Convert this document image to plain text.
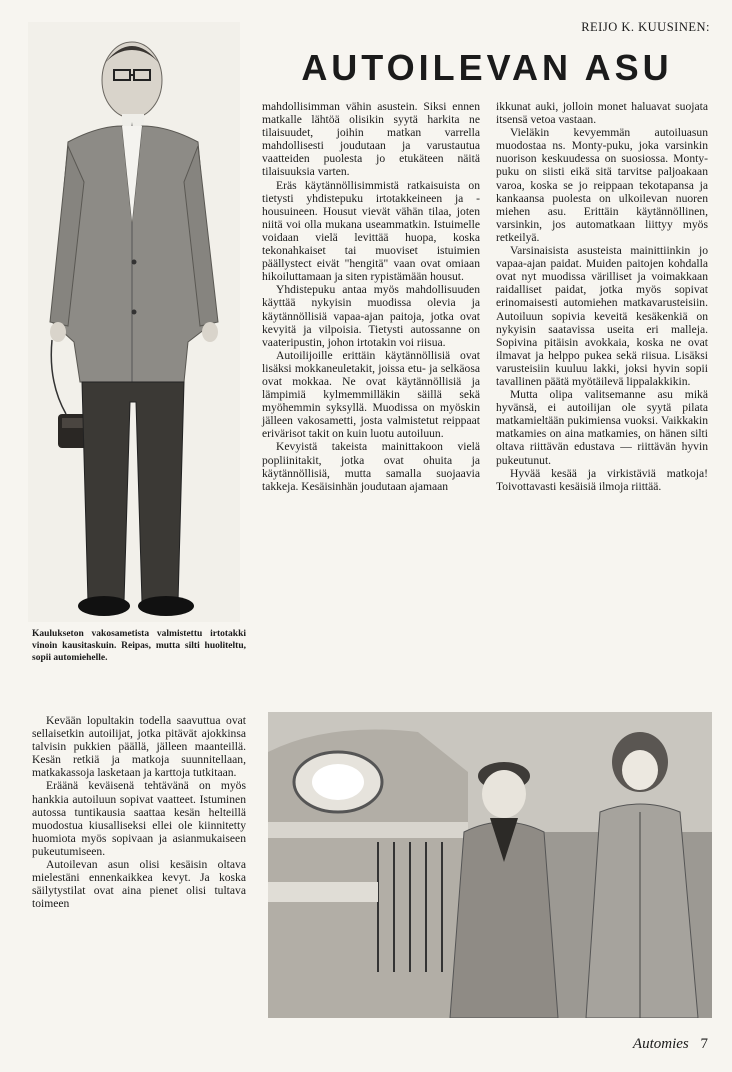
REIJO K. KUUSINEN:
AUTOILEVAN ASU
Kaulukseton vakosametista valmistettu irtotakki vinoin kausitaskuin. Reipas, mutta silti huoliteltu, sopii automiehelle.

mahdollisimman vähin asustein. Siksi ennen matkalle lähtöä olisikin syytä harkita ne tilaisuudet, joihin matkan varrella mahdollisesti joudutaan ja varustautua vaatteiden puolesta jo etukäteen näitä tilaisuuksia varten.

Eräs käytännöllisimmistä ratkaisuista on tietysti yhdistepuku irtotakkeineen ja -housuineen. Housut vievät vähän tilaa, joten niitä voi olla mukana useammatkin. Istuimelle voidaan vielä levittää huopa, koska tekonahkaiset tai muoviset istuimien päällystect eivät "hengitä" vaan ovat omiaan hikoiluttamaan ja siten rypistämään housut.

Yhdistepuku antaa myös mahdollisuuden käyttää nykyisin muodissa olevia ja käytännöllisiä vapaa-ajan paitoja, jotka ovat kevyitä ja vilpoisia. Tietysti autossanne on vaateripustin, johon irtotakin voi riisua.

Autoilijoille erittäin käytännöllisiä ovat lisäksi mokkaneuletakit, joissa etu- ja selkäosa ovat mokkaa. Ne ovat käytännöllisiä ja lämpimiä kylmemmilläkin säillä sekä myöhemmin syksyllä. Muodissa on myöskin jälleen vakosametti, josta valmistetut reippaat erivärisot takit on kuin luotu autoiluun.

Kevyistä takeista mainittakoon vielä popliinitakit, jotka ovat ohuita ja käytännöllisiä, mutta samalla suojaavia takkeja. Kesäisinhän joudutaan ajamaan

ikkunat auki, jolloin monet haluavat suojata itsensä vetoa vastaan.

Vieläkin kevyemmän autoiluasun muodostaa ns. Monty-puku, joka varsinkin nuorison keskuudessa on suosiossa. Monty-puku on siisti eikä sitä tarvitse paljoakaan varoa, koska se jo reippaan tekotapansa ja kankaansa puolesta on ulkoilevan nuoren miehen asu. Erittäin käytännöllinen, varsinkin, jos automatkaan liittyy myös retkeilyä.

Varsinaisista asusteista mainittiinkin jo vapaa-ajan paidat. Muiden paitojen kohdalla ovat nyt muodissa värilliset ja voimakkaan raidalliset paidat, jotka myös sopivat erinomaisesti automiehen matkavarusteisiin. Autoiluun sopivia keveitä kesäkenkiä on nykyisin saatavissa useita eri malleja. Sopivina pitäisin avokkaia, koska ne ovat ilmavat ja helppo pukea sekä riisua. Lisäksi varusteisiin kuuluu lakki, joksi hyvin sopii tavallinen päätä myötäilevä lippalakkikin.

Mutta olipa valitsemanne asu mikä hyvänsä, ei autoilijan ole syytä pilata matkamieltään pukimiensa vuoksi. Vaikkakin matkamies on aina matkamies, on hänen silti oltava riittävän edustava — riittävän hyvin pukeutunut.

Hyvää kesää ja virkistäviä matkoja! Toivottavasti kesäisiä ilmoja riittää.

Kevään lopultakin todella saavuttua ovat sellaisetkin autoilijat, jotka pitävät ajokkinsa talvisin pukkien päällä, jälleen maanteillä. Kesän retkiä ja matkoja suunnitellaan, matkakassoja lasketaan ja karttoja tutkitaan.

Eräänä keväisenä tehtävänä on myös hankkia autoiluun sopivat vaatteet. Istuminen autossa tuntikausia saattaa kesän helteillä muodostua kiusalliseksi ellei ole kiinnitetty huomiota myös sopivaan ja asianmukaiseen pukeutumiseen.

Autoilevan asun olisi kesäisin oltava mielestäni ennenkaikkea kevyt. Ja koska säilytystilat ovat aina pienet olisi tultava toimeen

Automies 7
